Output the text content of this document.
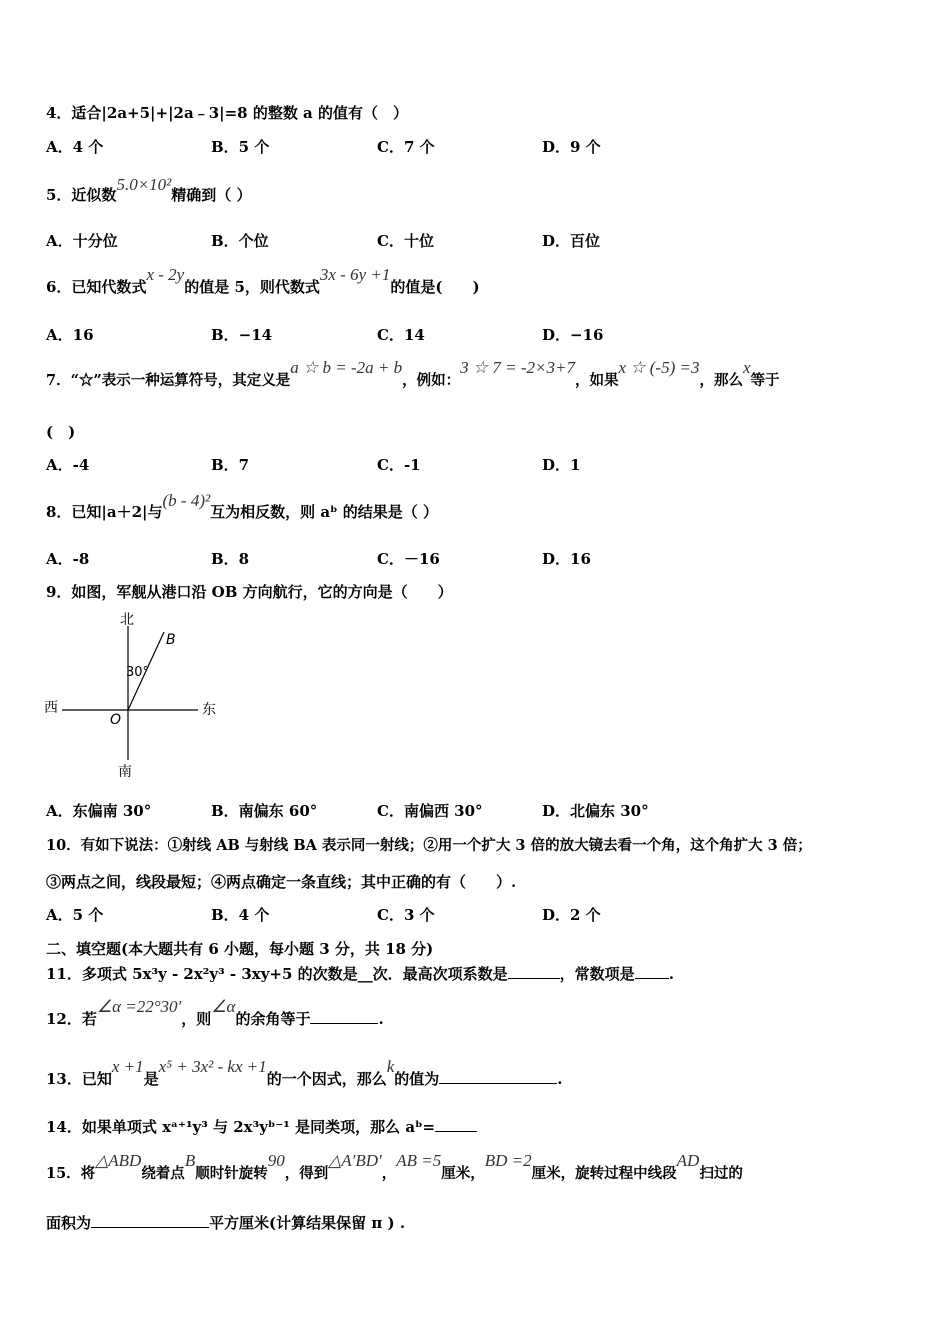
4．适合|2a+5|+|2a﹣3|=8 的整数 a 的值有（　）
A．4 个	B．5 个	C．7 个	D．9 个
5．近似数5.0×10²精确到（ ）
A．十分位	B．个位	C．十位	D．百位
6．已知代数式x - 2y的值是 5，则代数式3x - 6y +1的值是(　　)
A．16	B．−14	C．14	D．−16
7．“☆”表示一种运算符号，其定义是a ☆ b = -2a + b，例如：3 ☆ 7 = -2×3+7，如果x ☆ (-5) =3，那么x等于
(　)
A．-4	B．7	C．-1	D．1
8．已知|a＋2|与(b - 4)²互为相反数，则 aᵇ 的结果是（ ）
A．-8	B．8	C．－16	D．16
9．如图，军舰从港口沿 OB 方向航行，它的方向是（　　）
北
南
西	东
O
B
30°
A．东偏南 30°	B．南偏东 60°	C．南偏西 30°	D．北偏东 30°
10．有如下说法：①射线 AB 与射线 BA 表示同一射线；②用一个扩大 3 倍的放大镜去看一个角，这个角扩大 3 倍；
③两点之间，线段最短；④两点确定一条直线；其中正确的有（　　）.
A．5 个	B．4 个	C．3 个	D．2 个
二、填空题(本大题共有 6 小题，每小题 3 分，共 18 分)
11．多项式 5x³y - 2x²y³ - 3xy+5 的次数是__次．最高次项系数是	，常数项是 .
12．若∠α =22°30′，则∠α的余角等于	.
13．已知x +1是x⁵ + 3x² - kx +1的一个因式，那么k的值为	.
14．如果单项式 xᵃ⁺¹y³ 与 2x³yᵇ⁻¹ 是同类项，那么 aᵇ=
15．将△ABD绕着点B顺时针旋转90，得到△A′BD′，AB =5厘米，BD =2厘米，旋转过程中线段AD扫过的
面积为	平方厘米(计算结果保留 π ) .
